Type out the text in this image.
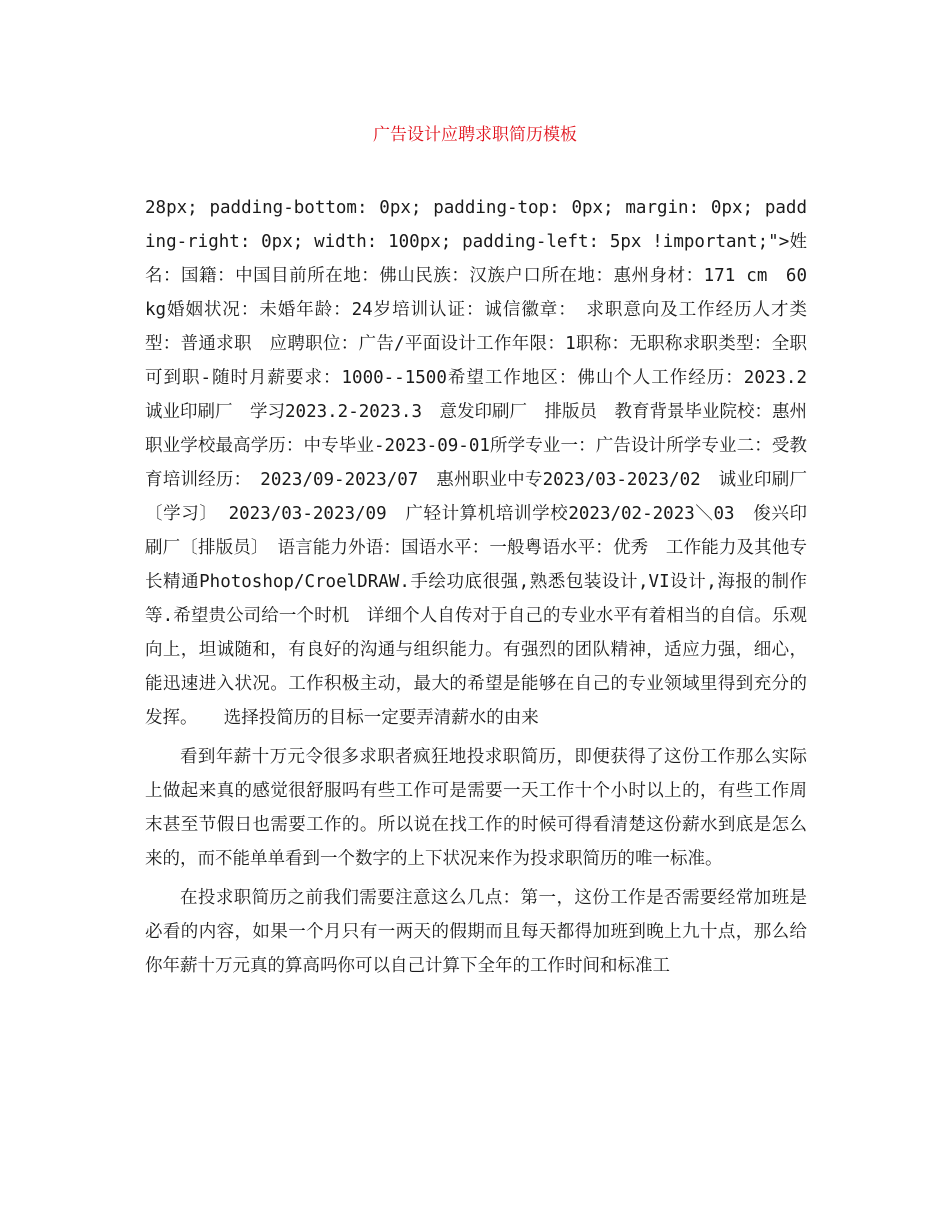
广告设计应聘求职简历模板

28px; padding-bottom: 0px; padding-top: 0px; margin: 0px; padding-right: 0px; width: 100px; padding-left: 5px !important;">姓名：国籍：中国目前所在地：佛山民族：汉族户口所在地：惠州身材：171 cm　60 kg婚姻状况：未婚年龄：24岁培训认证：诚信徽章：　求职意向及工作经历人才类型：普通求职　应聘职位：广告/平面设计工作年限：1职称：无职称求职类型：全职可到职-随时月薪要求：1000--1500希望工作地区：佛山个人工作经历：2023.2　诚业印刷厂　学习2023.2-2023.3　意发印刷厂　排版员　教育背景毕业院校：惠州职业学校最高学历：中专毕业-2023-09-01所学专业一：广告设计所学专业二：受教育培训经历：　2023/09-2023/07　惠州职业中专2023/03-2023/02　诚业印刷厂〔学习〕 2023/03-2023/09　广轻计算机培训学校2023/02-2023＼03　俊兴印刷厂〔排版员〕　语言能力外语：国语水平：一般粤语水平：优秀　工作能力及其他专长精通Photoshop/CroelDRAW.手绘功底很强,熟悉包装设计,VI设计,海报的制作等.希望贵公司给一个时机　详细个人自传对于自己的专业水平有着相当的自信。乐观向上，坦诚随和，有良好的沟通与组织能力。有强烈的团队精神，适应力强，细心，能迅速进入状况。工作积极主动，最大的希望是能够在自己的专业领域里得到充分的发挥。　　选择投简历的目标一定要弄清薪水的由来

看到年薪十万元令很多求职者疯狂地投求职简历，即便获得了这份工作那么实际上做起来真的感觉很舒服吗有些工作可是需要一天工作十个小时以上的，有些工作周末甚至节假日也需要工作的。所以说在找工作的时候可得看清楚这份薪水到底是怎么来的，而不能单单看到一个数字的上下状况来作为投求职简历的唯一标准。

在投求职简历之前我们需要注意这么几点：第一，这份工作是否需要经常加班是必看的内容，如果一个月只有一两天的假期而且每天都得加班到晚上九十点，那么给你年薪十万元真的算高吗你可以自己计算下全年的工作时间和标准工
